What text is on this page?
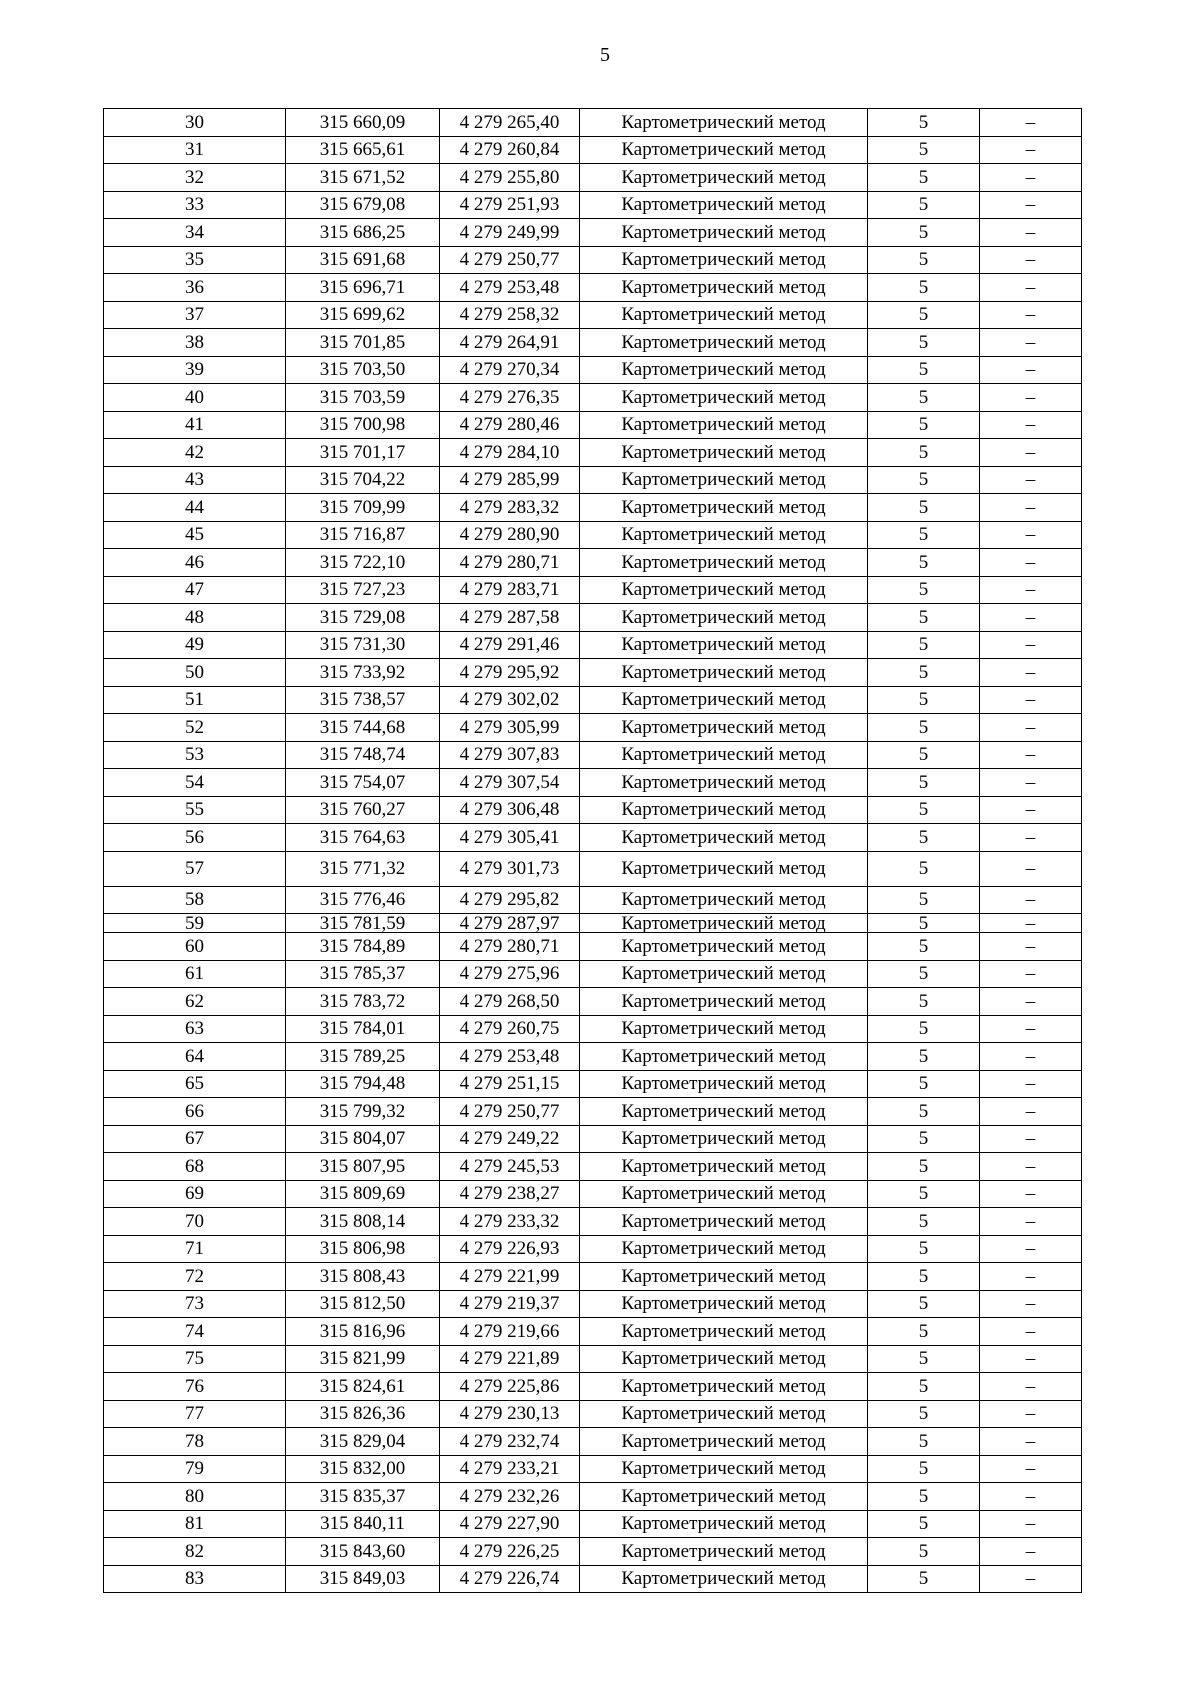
5
30	315 660,09	4 279 265,40	Картометрический метод	5	–
31	315 665,61	4 279 260,84	Картометрический метод	5	–
32	315 671,52	4 279 255,80	Картометрический метод	5	–
33	315 679,08	4 279 251,93	Картометрический метод	5	–
34	315 686,25	4 279 249,99	Картометрический метод	5	–
35	315 691,68	4 279 250,77	Картометрический метод	5	–
36	315 696,71	4 279 253,48	Картометрический метод	5	–
37	315 699,62	4 279 258,32	Картометрический метод	5	–
38	315 701,85	4 279 264,91	Картометрический метод	5	–
39	315 703,50	4 279 270,34	Картометрический метод	5	–
40	315 703,59	4 279 276,35	Картометрический метод	5	–
41	315 700,98	4 279 280,46	Картометрический метод	5	–
42	315 701,17	4 279 284,10	Картометрический метод	5	–
43	315 704,22	4 279 285,99	Картометрический метод	5	–
44	315 709,99	4 279 283,32	Картометрический метод	5	–
45	315 716,87	4 279 280,90	Картометрический метод	5	–
46	315 722,10	4 279 280,71	Картометрический метод	5	–
47	315 727,23	4 279 283,71	Картометрический метод	5	–
48	315 729,08	4 279 287,58	Картометрический метод	5	–
49	315 731,30	4 279 291,46	Картометрический метод	5	–
50	315 733,92	4 279 295,92	Картометрический метод	5	–
51	315 738,57	4 279 302,02	Картометрический метод	5	–
52	315 744,68	4 279 305,99	Картометрический метод	5	–
53	315 748,74	4 279 307,83	Картометрический метод	5	–
54	315 754,07	4 279 307,54	Картометрический метод	5	–
55	315 760,27	4 279 306,48	Картометрический метод	5	–
56	315 764,63	4 279 305,41	Картометрический метод	5	–
57	315 771,32	4 279 301,73	Картометрический метод	5	–
58	315 776,46	4 279 295,82	Картометрический метод	5	–
59	315 781,59	4 279 287,97	Картометрический метод	5	–
60	315 784,89	4 279 280,71	Картометрический метод	5	–
61	315 785,37	4 279 275,96	Картометрический метод	5	–
62	315 783,72	4 279 268,50	Картометрический метод	5	–
63	315 784,01	4 279 260,75	Картометрический метод	5	–
64	315 789,25	4 279 253,48	Картометрический метод	5	–
65	315 794,48	4 279 251,15	Картометрический метод	5	–
66	315 799,32	4 279 250,77	Картометрический метод	5	–
67	315 804,07	4 279 249,22	Картометрический метод	5	–
68	315 807,95	4 279 245,53	Картометрический метод	5	–
69	315 809,69	4 279 238,27	Картометрический метод	5	–
70	315 808,14	4 279 233,32	Картометрический метод	5	–
71	315 806,98	4 279 226,93	Картометрический метод	5	–
72	315 808,43	4 279 221,99	Картометрический метод	5	–
73	315 812,50	4 279 219,37	Картометрический метод	5	–
74	315 816,96	4 279 219,66	Картометрический метод	5	–
75	315 821,99	4 279 221,89	Картометрический метод	5	–
76	315 824,61	4 279 225,86	Картометрический метод	5	–
77	315 826,36	4 279 230,13	Картометрический метод	5	–
78	315 829,04	4 279 232,74	Картометрический метод	5	–
79	315 832,00	4 279 233,21	Картометрический метод	5	–
80	315 835,37	4 279 232,26	Картометрический метод	5	–
81	315 840,11	4 279 227,90	Картометрический метод	5	–
82	315 843,60	4 279 226,25	Картометрический метод	5	–
83	315 849,03	4 279 226,74	Картометрический метод	5	–
